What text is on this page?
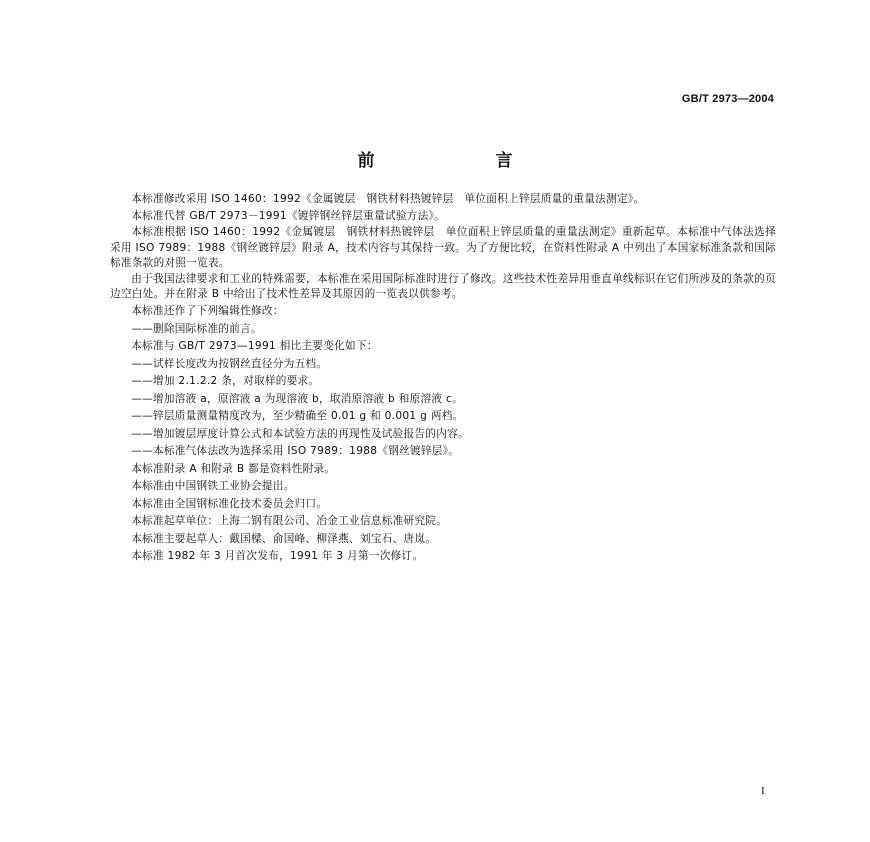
GB/T 2973—2004
前　言

本标准修改采用 ISO 1460：1992《金属镀层　钢铁材料热镀锌层　单位面积上锌层质量的重量法测定》。

本标准代替 GB/T 2973－1991《镀锌钢丝锌层重量试验方法》。

本标准根据 ISO 1460：1992《金属镀层　钢铁材料热镀锌层　单位面积上锌层质量的重量法测定》重新起草。本标准中气体法选择采用 ISO 7989：1988《钢丝镀锌层》附录 A，技术内容与其保持一致。为了方便比较，在资料性附录 A 中列出了本国家标准条款和国际标准条款的对照一览表。

由于我国法律要求和工业的特殊需要，本标准在采用国际标准时进行了修改。这些技术性差异用垂直单线标识在它们所涉及的条款的页边空白处。并在附录 B 中给出了技术性差异及其原因的一览表以供参考。

本标准还作了下列编辑性修改：

——删除国际标准的前言。

本标准与 GB/T 2973—1991 相比主要变化如下：

——试样长度改为按钢丝直径分为五档。

——增加 2.1.2.2 条，对取样的要求。

——增加溶液 a，原溶液 a 为现溶液 b，取消原溶液 b 和原溶液 c。

——锌层质量测量精度改为，至少精确至 0.01 g 和 0.001 g 两档。

——增加镀层厚度计算公式和本试验方法的再现性及试验报告的内容。

——本标准气体法改为选择采用 ISO 7989：1988《钢丝镀锌层》。

本标准附录 A 和附录 B 都是资料性附录。

本标准由中国钢铁工业协会提出。

本标准由全国钢标准化技术委员会归口。

本标准起草单位：上海二钢有限公司、冶金工业信息标准研究院。

本标准主要起草人：戴国樑、俞国峰、柳泽燕、刘宝石、唐岚。

本标准 1982 年 3 月首次发布，1991 年 3 月第一次修订。

I
